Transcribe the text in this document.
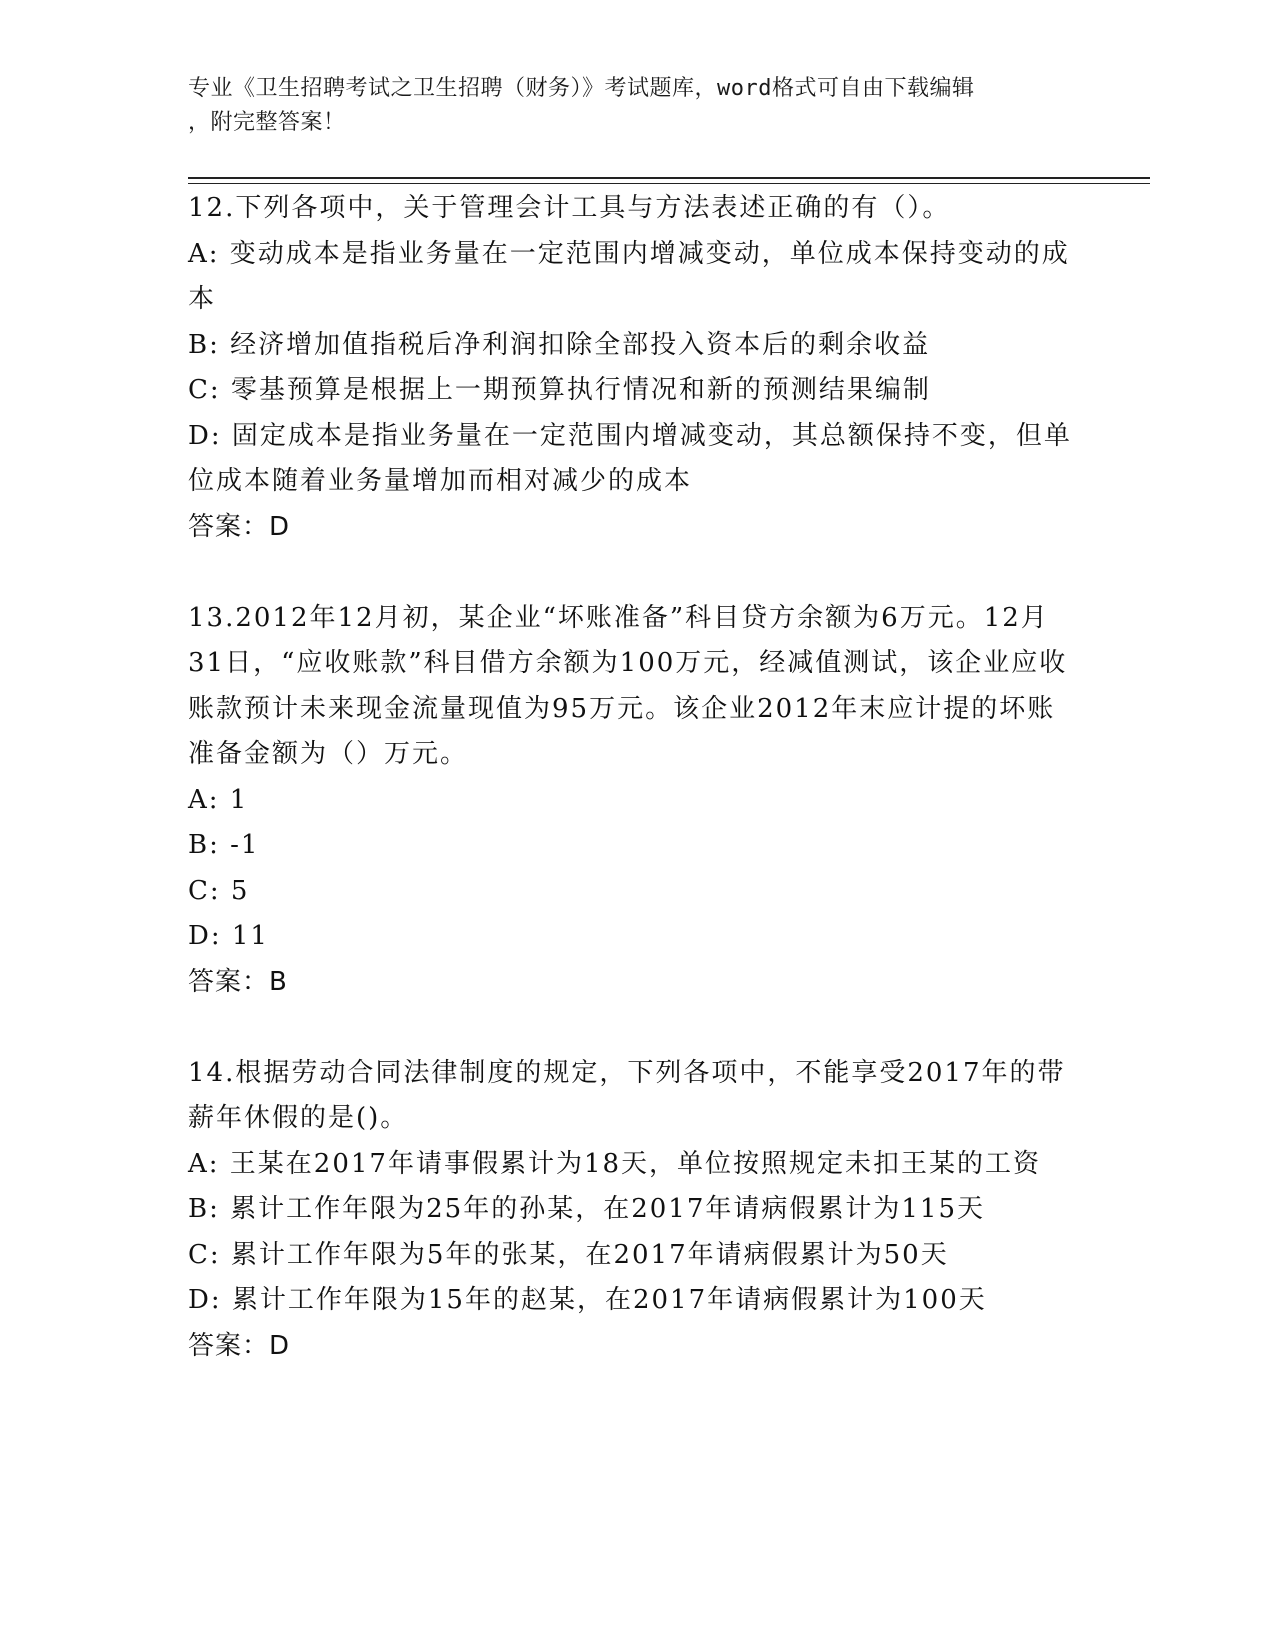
专业《卫生招聘考试之卫生招聘（财务）》考试题库，word格式可自由下载编辑
，附完整答案！

12.下列各项中，关于管理会计工具与方法表述正确的有（）。

A: 变动成本是指业务量在一定范围内增减变动，单位成本保持变动的成本

B: 经济增加值指税后净利润扣除全部投入资本后的剩余收益

C: 零基预算是根据上一期预算执行情况和新的预测结果编制

D: 固定成本是指业务量在一定范围内增减变动，其总额保持不变，但单位成本随着业务量增加而相对减少的成本

答案：D

13.2012年12月初，某企业“坏账准备”科目贷方余额为6万元。12月31日，“应收账款”科目借方余额为100万元，经减值测试，该企业应收账款预计未来现金流量现值为95万元。该企业2012年末应计提的坏账准备金额为（）万元。

A: 1

B: -1

C: 5

D: 11

答案：B

14.根据劳动合同法律制度的规定，下列各项中，不能享受2017年的带薪年休假的是()。

A: 王某在2017年请事假累计为18天，单位按照规定未扣王某的工资

B: 累计工作年限为25年的孙某，在2017年请病假累计为115天

C: 累计工作年限为5年的张某，在2017年请病假累计为50天

D: 累计工作年限为15年的赵某，在2017年请病假累计为100天

答案：D
